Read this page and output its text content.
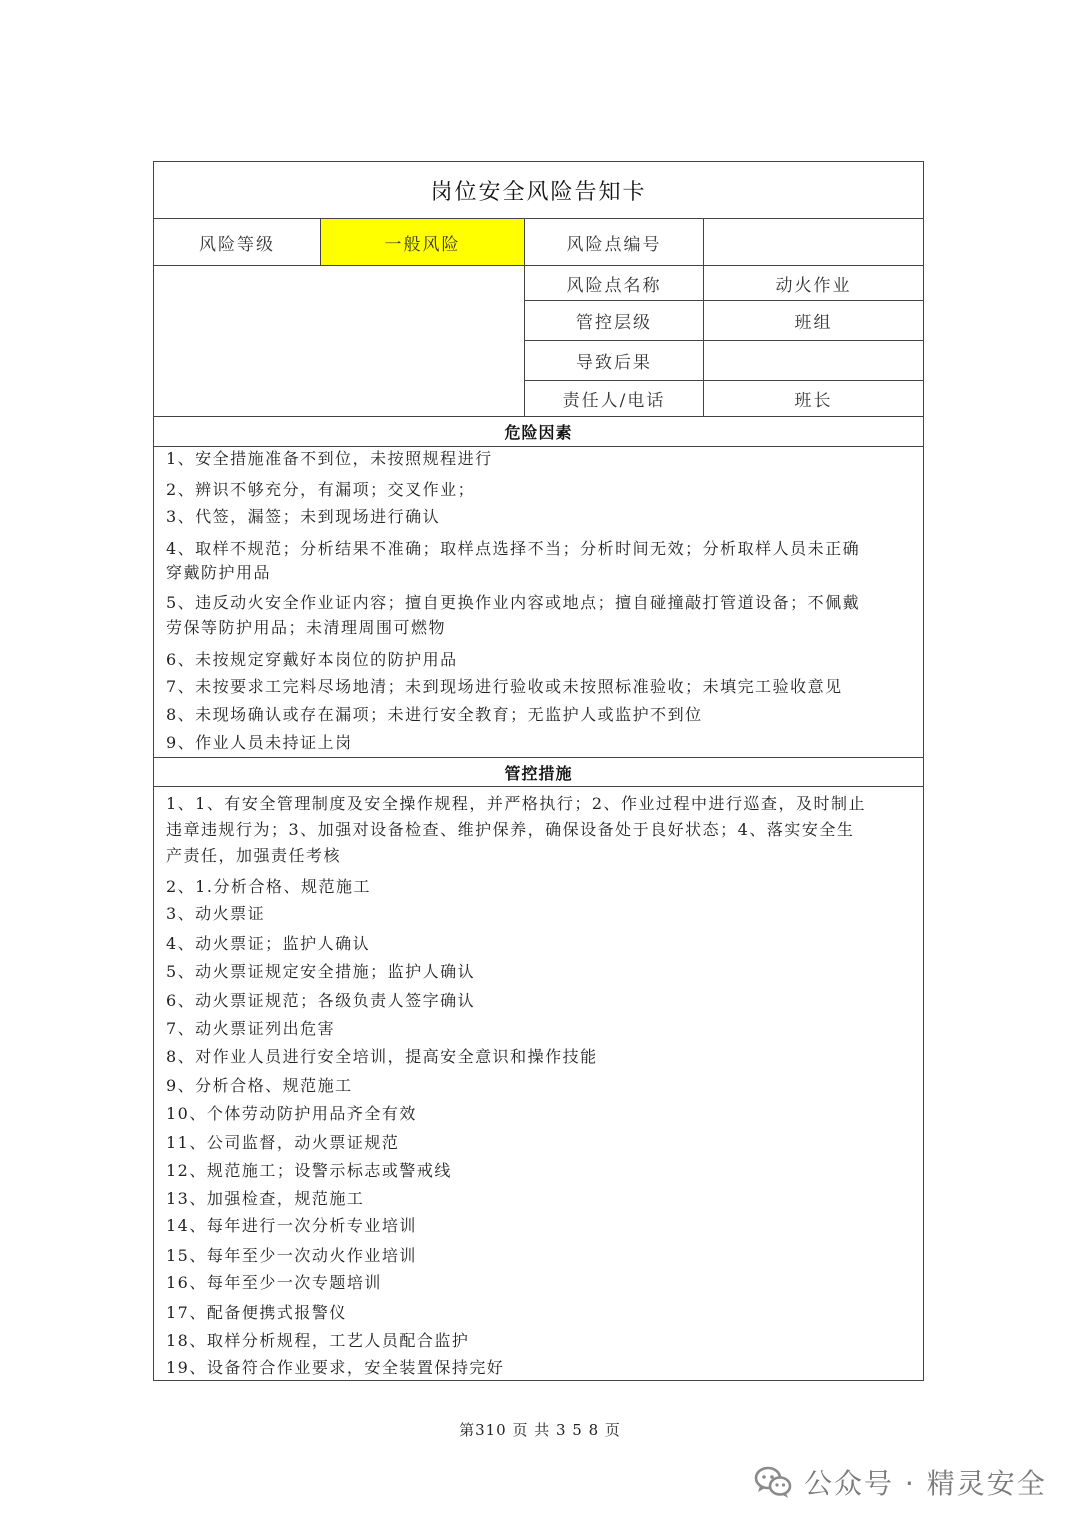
岗位安全风险告知卡
风险等级	一般风险	风险点编号
风险点名称	动火作业
管控层级	班组
导致后果
责任人/电话	班长
危险因素
1、安全措施准备不到位，未按照规程进行
2、辨识不够充分，有漏项；交叉作业；
3、代签，漏签；未到现场进行确认
4、取样不规范；分析结果不准确；取样点选择不当；分析时间无效；分析取样人员未正确
穿戴防护用品
5、违反动火安全作业证内容；擅自更换作业内容或地点；擅自碰撞敲打管道设备；不佩戴
劳保等防护用品；未清理周围可燃物
6、未按规定穿戴好本岗位的防护用品
7、未按要求工完料尽场地清；未到现场进行验收或未按照标准验收；未填完工验收意见
8、未现场确认或存在漏项；未进行安全教育；无监护人或监护不到位
9、作业人员未持证上岗
管控措施
1、1、有安全管理制度及安全操作规程，并严格执行；2、作业过程中进行巡查，及时制止
违章违规行为；3、加强对设备检查、维护保养，确保设备处于良好状态；4、落实安全生
产责任，加强责任考核
2、1.分析合格、规范施工
3、动火票证
4、动火票证；监护人确认
5、动火票证规定安全措施；监护人确认
6、动火票证规范；各级负责人签字确认
7、动火票证列出危害
8、对作业人员进行安全培训，提高安全意识和操作技能
9、分析合格、规范施工
10、个体劳动防护用品齐全有效
11、公司监督，动火票证规范
12、规范施工；设警示标志或警戒线
13、加强检查，规范施工
14、每年进行一次分析专业培训
15、每年至少一次动火作业培训
16、每年至少一次专题培训
17、配备便携式报警仪
18、取样分析规程，工艺人员配合监护
19、设备符合作业要求，安全装置保持完好
第310 页 共 3 5 8 页
公众号 · 精灵安全
